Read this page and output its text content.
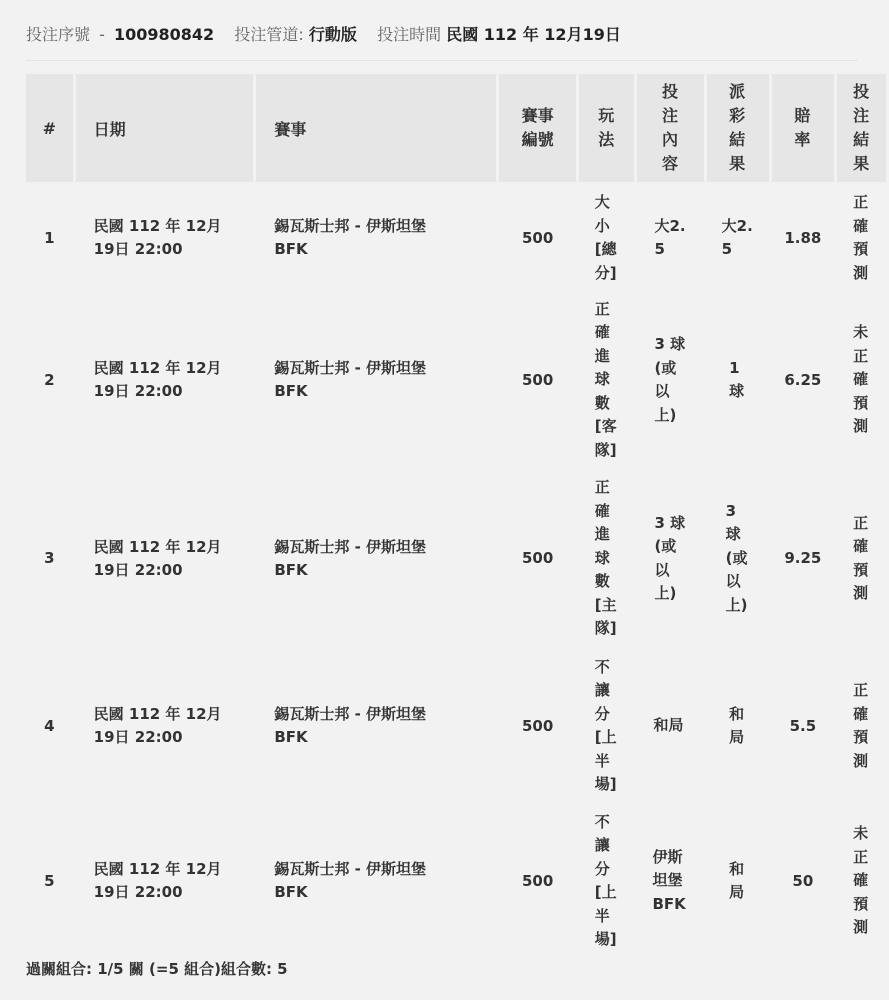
投注序號 - 100980842 投注管道: 行動版 投注時間 民國 112 年 12月19日
#	日期	賽事	賽事編號	玩法	投注內容	派彩結果	賠率	投注結果

1	民國 112 年 12月19日 22:00	錫瓦斯士邦 - 伊斯坦堡BFK	500	大小[總分]	大2.5	大2.5	1.88	正確預測

2	民國 112 年 12月19日 22:00	錫瓦斯士邦 - 伊斯坦堡BFK	500	正確進球數[客隊]	3 球(或以上)	1球	6.25	未正確預測

3	民國 112 年 12月19日 22:00	錫瓦斯士邦 - 伊斯坦堡BFK	500	正確進球數[主隊]	3 球(或以上)	3球(或以上)	9.25	正確預測

4	民國 112 年 12月19日 22:00	錫瓦斯士邦 - 伊斯坦堡BFK	500	不讓分[上半場]	和局	和局	5.5	正確預測

5	民國 112 年 12月19日 22:00	錫瓦斯士邦 - 伊斯坦堡BFK	500	不讓分[上半場]	伊斯坦堡BFK	和局	50	未正確預測
過關組合: 1/5 關 (=5 組合)組合數: 5
